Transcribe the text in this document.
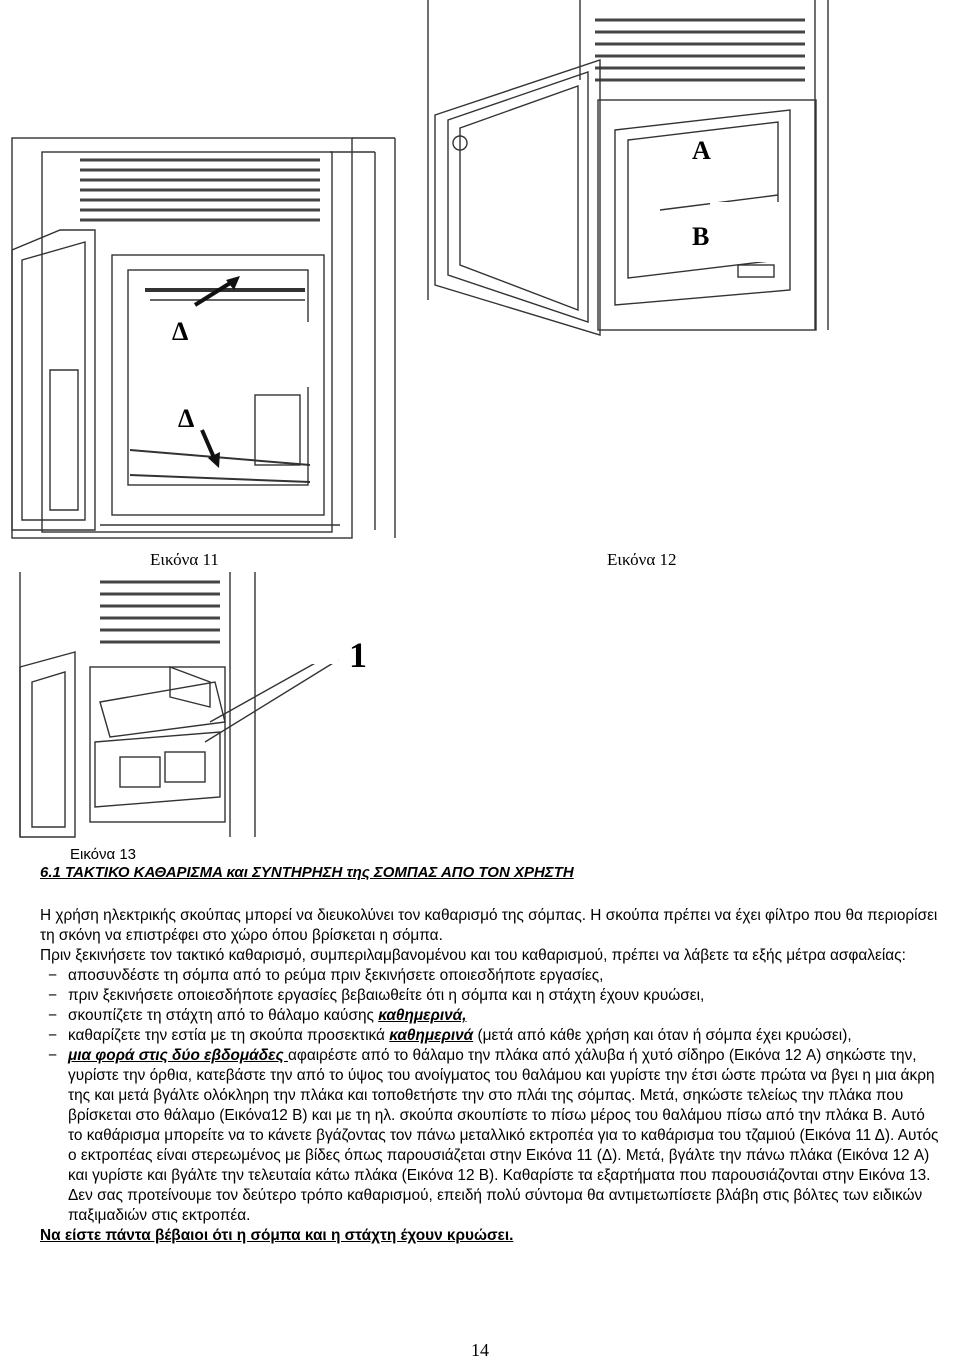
Δ
Δ
Εικόνα 11
A
B
Εικόνα 12
1
Εικόνα 13
6.1 ΤΑΚΤΙΚΟ ΚΑΘΑΡΙΣΜΑ και ΣΥΝΤΗΡΗΣΗ της ΣΟΜΠΑΣ ΑΠΟ ΤΟΝ ΧΡΗΣΤΗ

Η χρήση ηλεκτρικής σκούπας μπορεί να διευκολύνει τον καθαρισμό της σόμπας. Η σκούπα πρέπει να έχει φίλτρο που θα περιορίσει τη σκόνη να επιστρέφει στο χώρο όπου βρίσκεται η σόμπα.

Πριν ξεκινήσετε τον τακτικό καθαρισμό, συμπεριλαμβανομένου και του καθαρισμού, πρέπει να λάβετε τα εξής μέτρα ασφαλείας:

− αποσυνδέστε τη σόμπα από το ρεύμα πριν ξεκινήσετε οποιεσδήποτε εργασίες,
− πριν ξεκινήσετε οποιεσδήποτε εργασίες βεβαιωθείτε ότι η σόμπα και η στάχτη έχουν κρυώσει,
− σκουπίζετε τη στάχτη από το θάλαμο καύσης καθημερινά,
− καθαρίζετε την εστία με τη σκούπα προσεκτικά καθημερινά (μετά από κάθε χρήση και όταν ή σόμπα έχει κρυώσει),
− μια φορά στις δύο εβδομάδες αφαιρέστε από το θάλαμο την πλάκα από χάλυβα ή χυτό σίδηρο (Εικόνα 12 A) σηκώστε την, γυρίστε την όρθια, κατεβάστε την από το ύψος του ανοίγματος του θαλάμου και γυρίστε την έτσι ώστε πρώτα να βγει η μια άκρη της και μετά βγάλτε ολόκληρη την πλάκα και τοποθετήστε την στο πλάι της σόμπας. Μετά, σηκώστε τελείως την πλάκα που βρίσκεται στο θάλαμο (Εικόνα12 B) και με τη ηλ. σκούπα σκουπίστε το πίσω μέρος του θαλάμου πίσω από την πλάκα B. Αυτό το καθάρισμα μπορείτε να το κάνετε βγάζοντας τον πάνω μεταλλικό εκτροπέα για το καθάρισμα του τζαμιού (Εικόνα 11 Δ). Αυτός ο εκτροπέας είναι στερεωμένος με βίδες όπως παρουσιάζεται στην Εικόνα 11 (Δ). Μετά, βγάλτε την πάνω πλάκα (Εικόνα 12 A) και γυρίστε και βγάλτε την τελευταία κάτω πλάκα (Εικόνα 12 B). Καθαρίστε τα εξαρτήματα που παρουσιάζονται στην Εικόνα 13. Δεν σας προτείνουμε τον δεύτερο τρόπο καθαρισμού, επειδή πολύ σύντομα θα αντιμετωπίσετε βλάβη στις βόλτες των ειδικών παξιμαδιών στις εκτροπέα.

Να είστε πάντα βέβαιοι ότι η σόμπα και η στάχτη έχουν κρυώσει.

14
